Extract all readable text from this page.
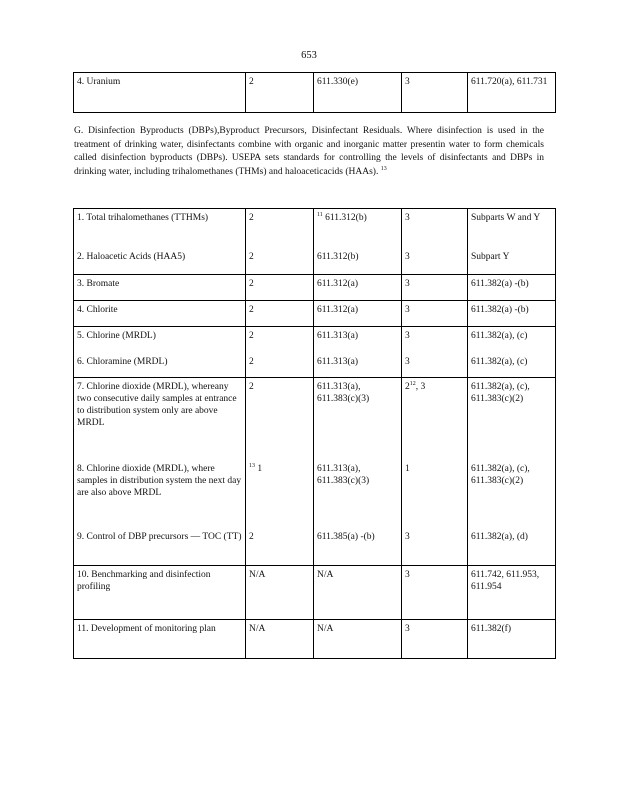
653
4. Uranium	2	611.330(e)	3	611.720(a), 611.731
G. Disinfection Byproducts (DBPs),Byproduct Precursors, Disinfectant Residuals. Where disinfection is used in the treatment of drinking water, disinfectants combine with organic and inorganic matter presentin water to form chemicals called disinfection byproducts (DBPs). USEPA sets standards for controlling the levels of disinfectants and DBPs in drinking water, including trihalomethanes (THMs) and haloaceticacids (HAAs). $^{13}$
1. Total trihalomethanes (TTHMs)	2	$^{11}$ 611.312(b)	3	Subparts W and Y
2. Haloacetic Acids (HAA5)	2	611.312(b)	3	Subpart Y
3. Bromate	2	611.312(a)	3	611.382(a) -(b)
4. Chlorite	2	611.312(a)	3	611.382(a) -(b)
5. Chlorine (MRDL)	2	611.313(a)	3	611.382(a), (c)
6. Chloramine (MRDL)	2	611.313(a)	3	611.382(a), (c)
7. Chlorine dioxide (MRDL), whereany two consecutive daily samples at entrance to distribution system only are above MRDL	2	611.313(a), 611.383(c)(3)	$2^{12}$, 3	611.382(a), (c), 611.383(c)(2)
8. Chlorine dioxide (MRDL), where samples in distribution system the next day are also above MRDL	$^{13}$ 1	611.313(a), 611.383(c)(3)	1	611.382(a), (c), 611.383(c)(2)
9. Control of DBP precursors — TOC (TT)	2	611.385(a) -(b)	3	611.382(a), (d)
10. Benchmarking and disinfection profiling	N/A	N/A	3	611.742, 611.953, 611.954
11. Development of monitoring plan	N/A	N/A	3	611.382(f)
